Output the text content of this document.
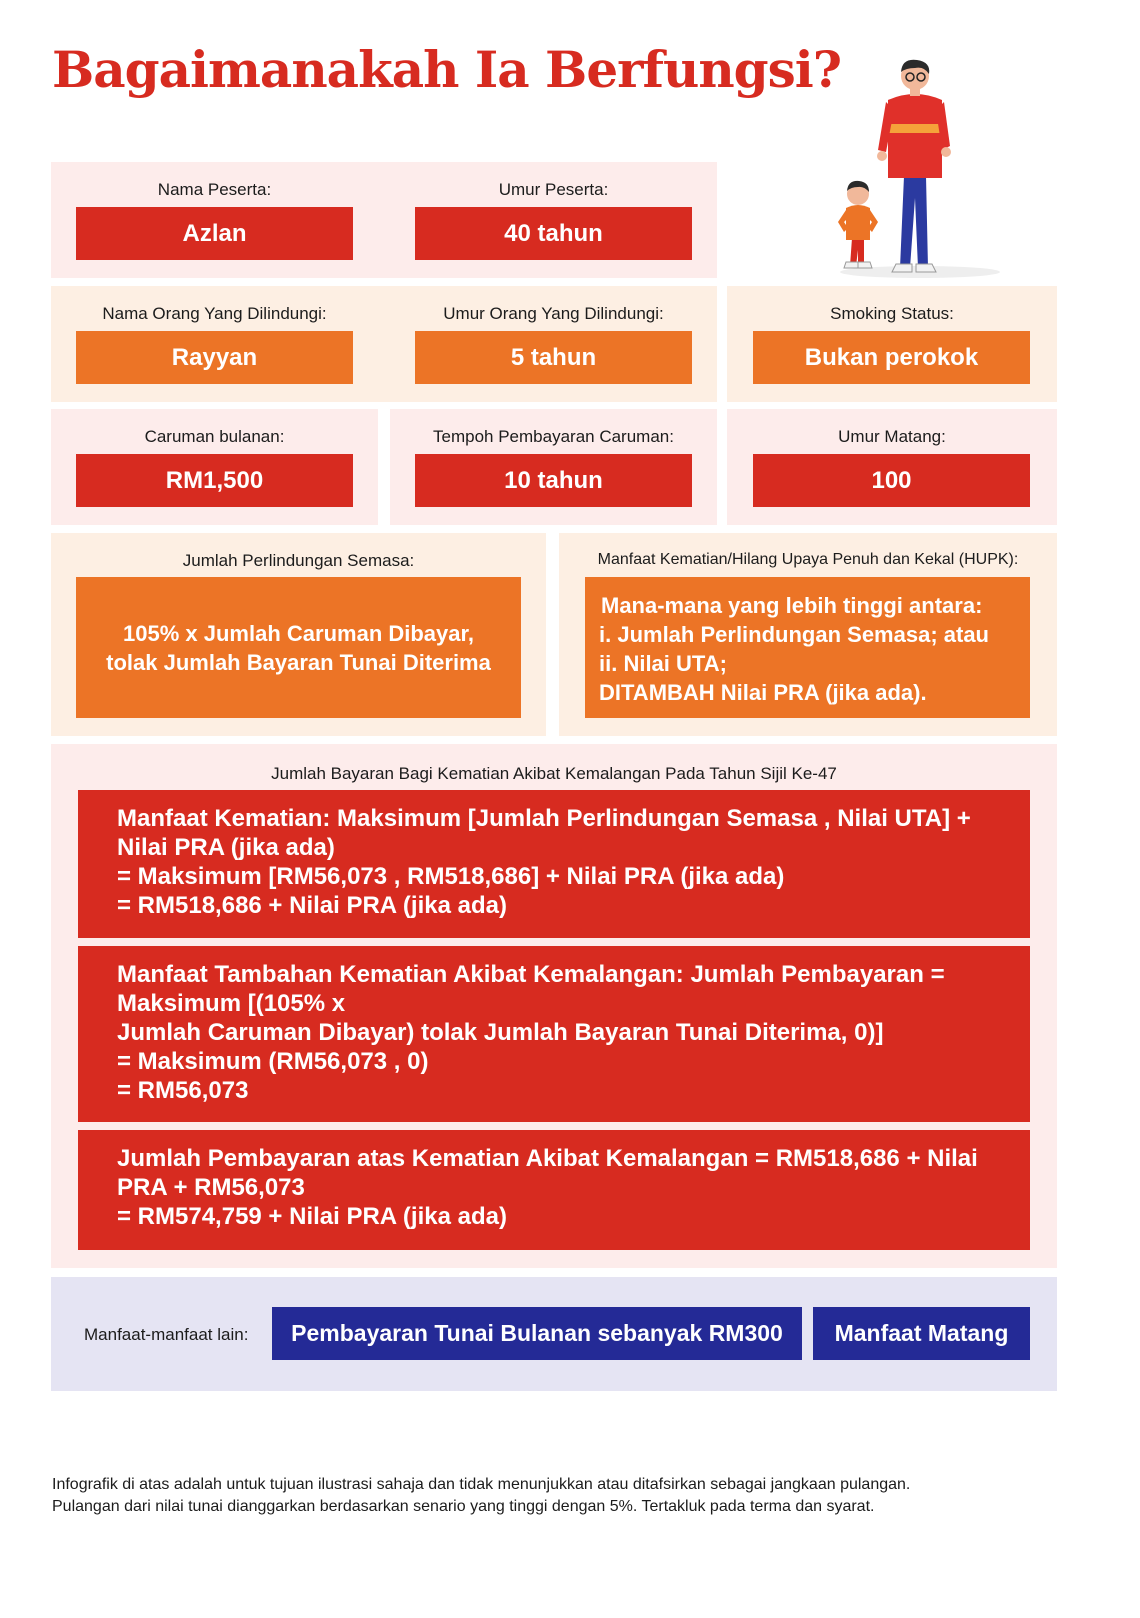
Bagaimanakah Ia Berfungsi?
Nama Peserta:
Azlan
Umur Peserta:
40 tahun
Nama Orang Yang Dilindungi:
Rayyan
Umur Orang Yang Dilindungi:
5 tahun
Smoking Status:
Bukan perokok
Caruman bulanan:
RM1,500
Tempoh Pembayaran Caruman:
10 tahun
Umur Matang:
100
Jumlah Perlindungan Semasa:
105% x Jumlah Caruman Dibayar,
tolak Jumlah Bayaran Tunai Diterima
Manfaat Kematian/Hilang Upaya Penuh dan Kekal (HUPK):
Mana-mana yang lebih tinggi antara:
i. Jumlah Perlindungan Semasa; atau
ii. Nilai UTA;
DITAMBAH Nilai PRA (jika ada).
Jumlah Bayaran Bagi Kematian Akibat Kemalangan Pada Tahun Sijil Ke-47
Manfaat Kematian: Maksimum [Jumlah Perlindungan Semasa , Nilai UTA] +
Nilai PRA (jika ada)
= Maksimum [RM56,073 , RM518,686] + Nilai PRA (jika ada)
= RM518,686 + Nilai PRA (jika ada)
Manfaat Tambahan Kematian Akibat Kemalangan: Jumlah Pembayaran =
Maksimum [(105% x
Jumlah Caruman Dibayar) tolak Jumlah Bayaran Tunai Diterima, 0)]
= Maksimum (RM56,073 , 0)
= RM56,073
Jumlah Pembayaran atas Kematian Akibat Kemalangan = RM518,686 + Nilai
PRA + RM56,073
= RM574,759 + Nilai PRA (jika ada)
Manfaat-manfaat lain:	Pembayaran Tunai Bulanan sebanyak RM300	Manfaat Matang
Infografik di atas adalah untuk tujuan ilustrasi sahaja dan tidak menunjukkan atau ditafsirkan sebagai jangkaan pulangan.
Pulangan dari nilai tunai dianggarkan berdasarkan senario yang tinggi dengan 5%. Tertakluk pada terma dan syarat.
